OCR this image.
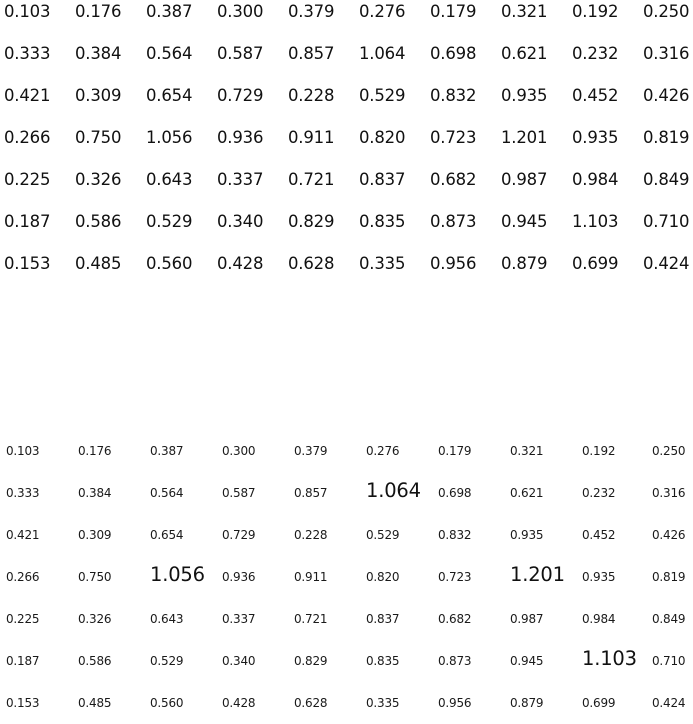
0.103 0.176 0.387 0.300 0.379 0.276 0.179 0.321 0.192 0.250
0.333 0.384 0.564 0.587 0.857 1.064 0.698 0.621 0.232 0.316
0.421 0.309 0.654 0.729 0.228 0.529 0.832 0.935 0.452 0.426
0.266 0.750 1.056 0.936 0.911 0.820 0.723 1.201 0.935 0.819
0.225 0.326 0.643 0.337 0.721 0.837 0.682 0.987 0.984 0.849
0.187 0.586 0.529 0.340 0.829 0.835 0.873 0.945 1.103 0.710
0.153 0.485 0.560 0.428 0.628 0.335 0.956 0.879 0.699 0.424
0.103	0.176	0.387	0.300	0.379	0.276	0.179	0.321	0.192	0.250
0.333	0.384	0.564	0.587	0.857 1.064 0.698	0.621	0.232	0.316
0.421	0.309	0.654	0.729	0.228	0.529	0.832	0.935	0.452	0.426
0.266	0.750 1.056 0.936	0.911	0.820	0.723 1.201 0.935	0.819
0.225	0.326	0.643	0.337	0.721	0.837	0.682	0.987	0.984	0.849
0.187	0.586	0.529	0.340	0.829	0.835	0.873	0.945 1.103 0.710
0.153	0.485	0.560	0.428	0.628	0.335	0.956	0.879	0.699	0.424
